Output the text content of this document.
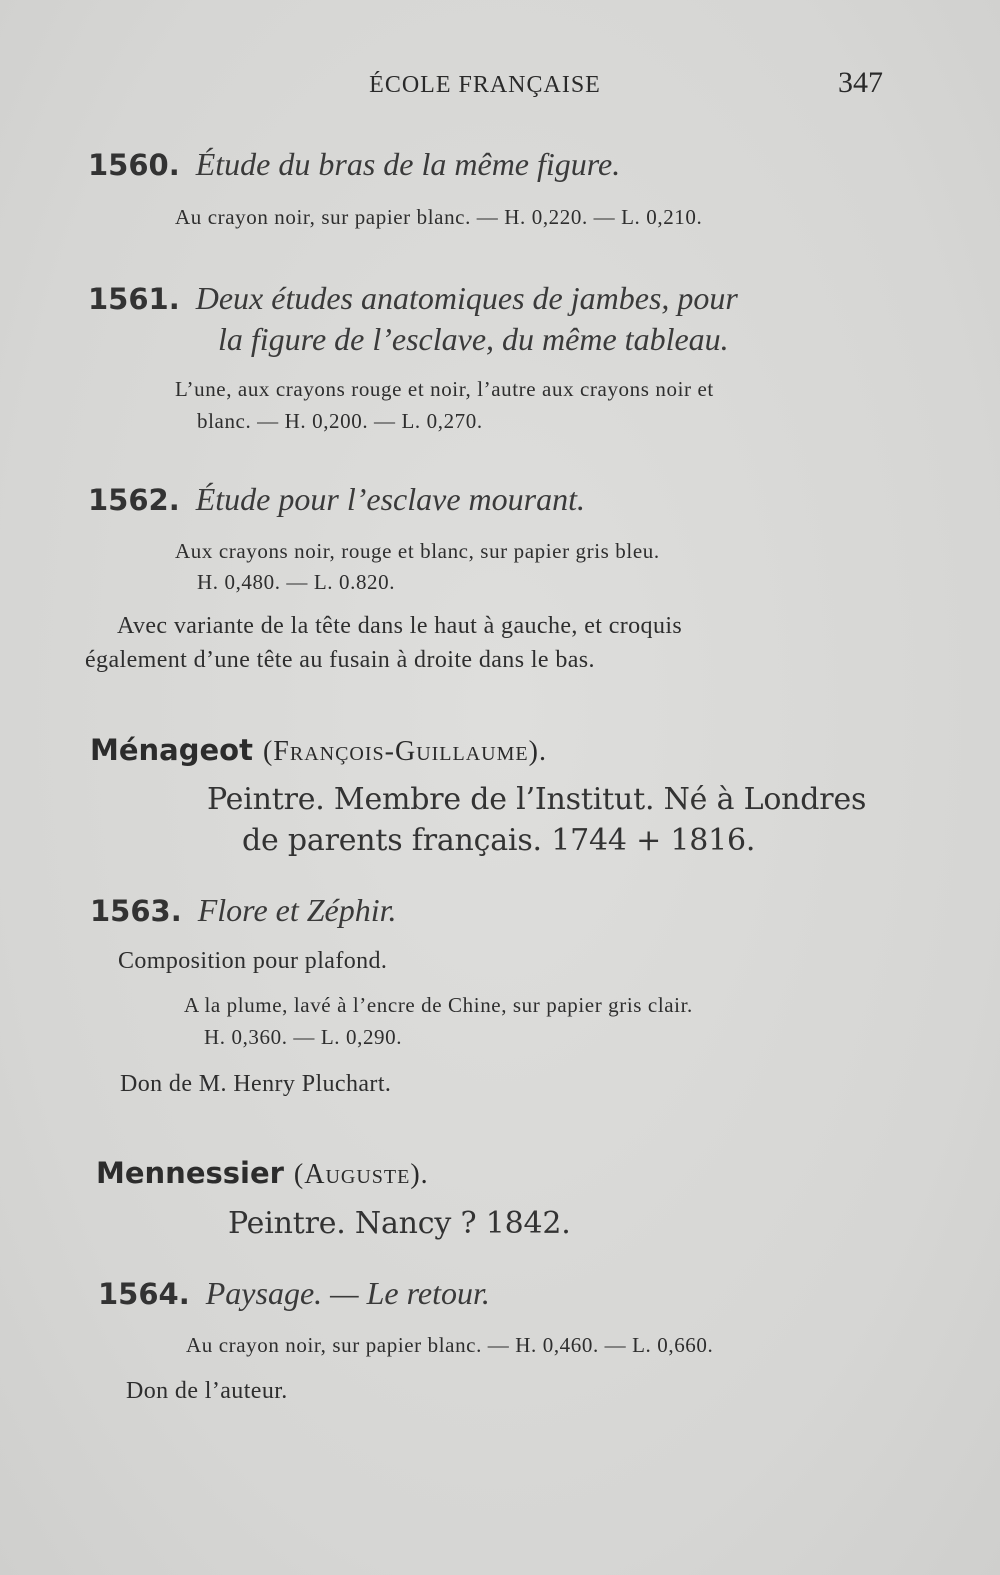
ÉCOLE FRANÇAISE	347
1560. Étude du bras de la même figure.
Au crayon noir, sur papier blanc. — H. 0,220. — L. 0,210.
1561. Deux études anatomiques de jambes, pour
la figure de l’esclave, du même tableau.
L’une, aux crayons rouge et noir, l’autre aux crayons noir et
blanc. — H. 0,200. — L. 0,270.
1562. Étude pour l’esclave mourant.
Aux crayons noir, rouge et blanc, sur papier gris bleu.
H. 0,480. — L. 0.820.
Avec variante de la tête dans le haut à gauche, et croquis
également d’une tête au fusain à droite dans le bas.
Ménageot (François-Guillaume).
Peintre. Membre de l’Institut. Né à Londres
de parents français. 1744 + 1816.
1563. Flore et Zéphir.
Composition pour plafond.
A la plume, lavé à l’encre de Chine, sur papier gris clair.
H. 0,360. — L. 0,290.
Don de M. Henry Pluchart.
Mennessier (Auguste).
Peintre. Nancy ? 1842.
1564. Paysage. — Le retour.
Au crayon noir, sur papier blanc. — H. 0,460. — L. 0,660.
Don de l’auteur.
